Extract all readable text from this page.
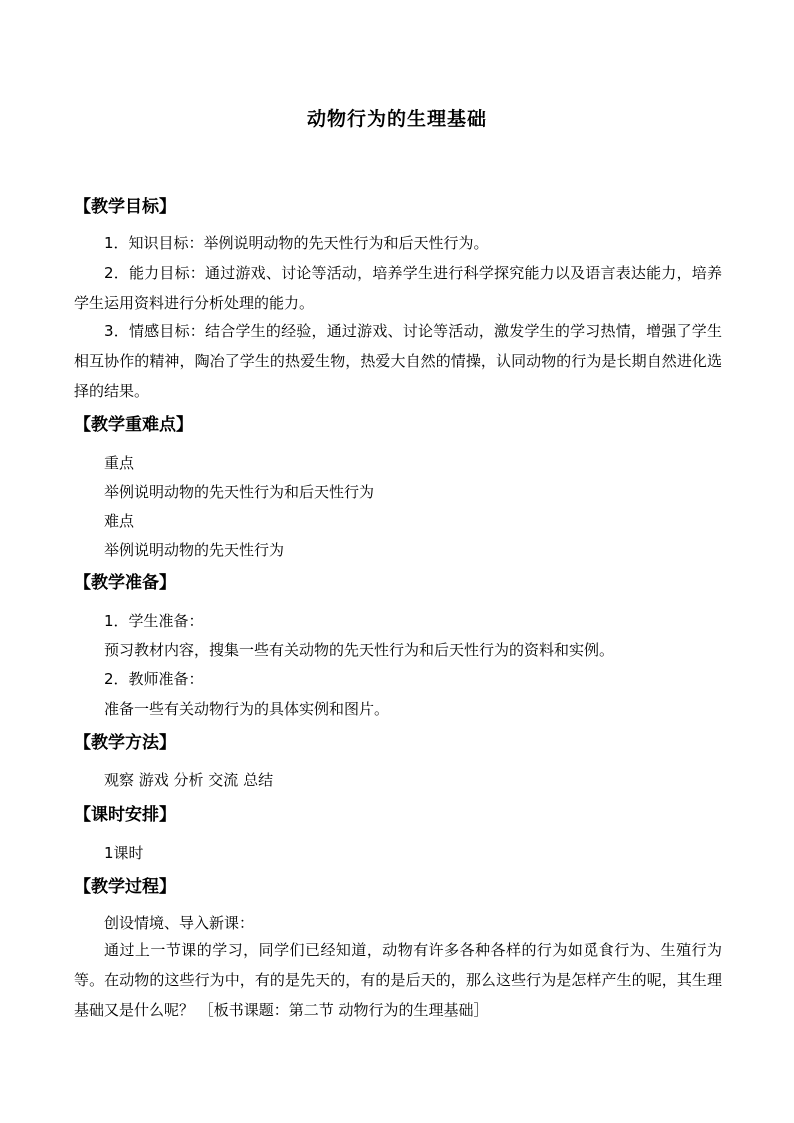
动物行为的生理基础
【教学目标】
1．知识目标：举例说明动物的先天性行为和后天性行为。
2．能力目标：通过游戏、讨论等活动，培养学生进行科学探究能力以及语言表达能力，培养学生运用资料进行分析处理的能力。
3．情感目标：结合学生的经验，通过游戏、讨论等活动，激发学生的学习热情，增强了学生相互协作的精神，陶冶了学生的热爱生物，热爱大自然的情操，认同动物的行为是长期自然进化选择的结果。
【教学重难点】
重点
举例说明动物的先天性行为和后天性行为
难点
举例说明动物的先天性行为
【教学准备】
1．学生准备：
预习教材内容，搜集一些有关动物的先天性行为和后天性行为的资料和实例。
2．教师准备：
准备一些有关动物行为的具体实例和图片。
【教学方法】
观察 游戏 分析 交流 总结
【课时安排】
1课时
【教学过程】
创设情境、导入新课：
通过上一节课的学习，同学们已经知道，动物有许多各种各样的行为如觅食行为、生殖行为等。在动物的这些行为中，有的是先天的，有的是后天的，那么这些行为是怎样产生的呢，其生理基础又是什么呢？ ［板书课题：第二节 动物行为的生理基础］
